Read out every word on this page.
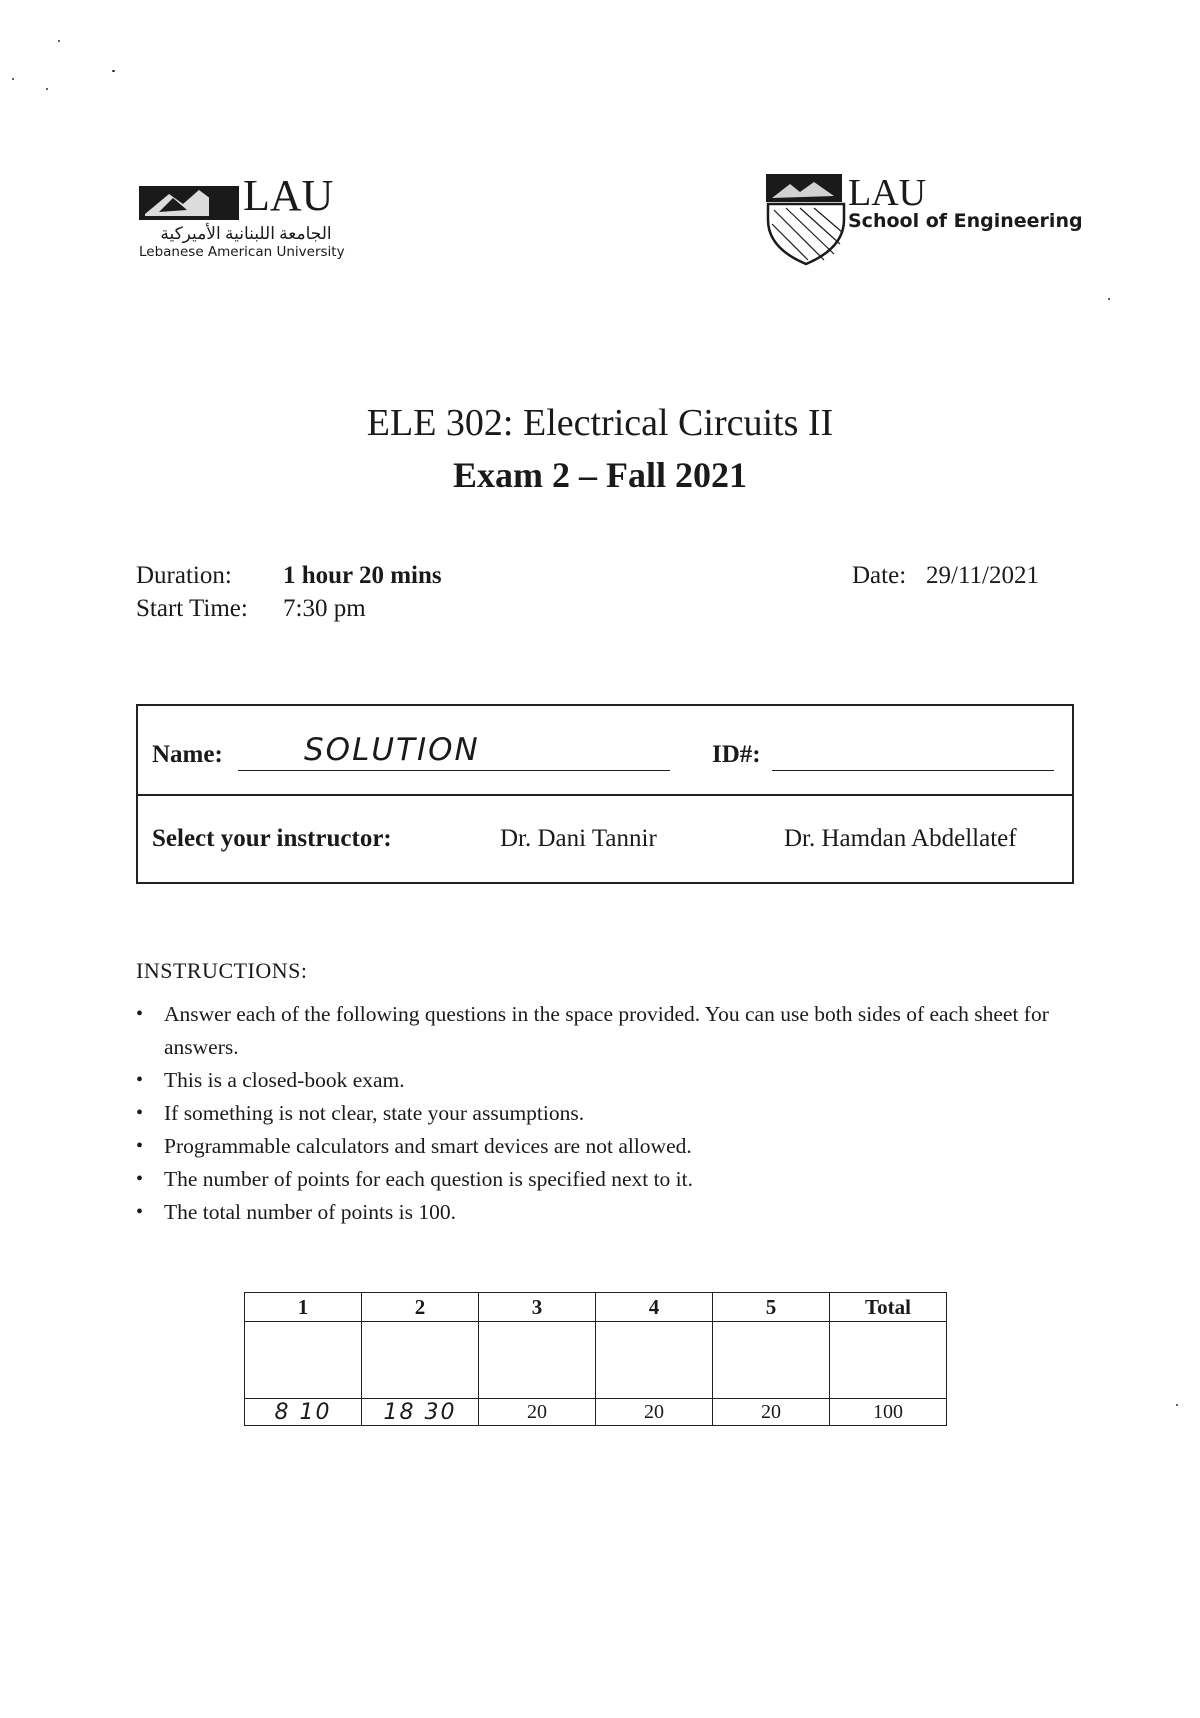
LAU
الجامعة اللبنانية الأميركية
Lebanese American University
LAU
School of Engineering
ELE 302: Electrical Circuits II
Exam 2 – Fall 2021
Duration: 1 hour 20 mins
Start Time: 7:30 pm
Date: 29/11/2021
Name:	SOLUTION	ID#:
Select your instructor:	Dr. Dani Tannir	Dr. Hamdan Abdellatef
INSTRUCTIONS:
• Answer each of the following questions in the space provided. You can use both sides of each sheet for answers.
• This is a closed-book exam.
• If something is not clear, state your assumptions.
• Programmable calculators and smart devices are not allowed.
• The number of points for each question is specified next to it.
• The total number of points is 100.
1	2	3	4	5	Total

8 10	18 30	20	20	20	100
